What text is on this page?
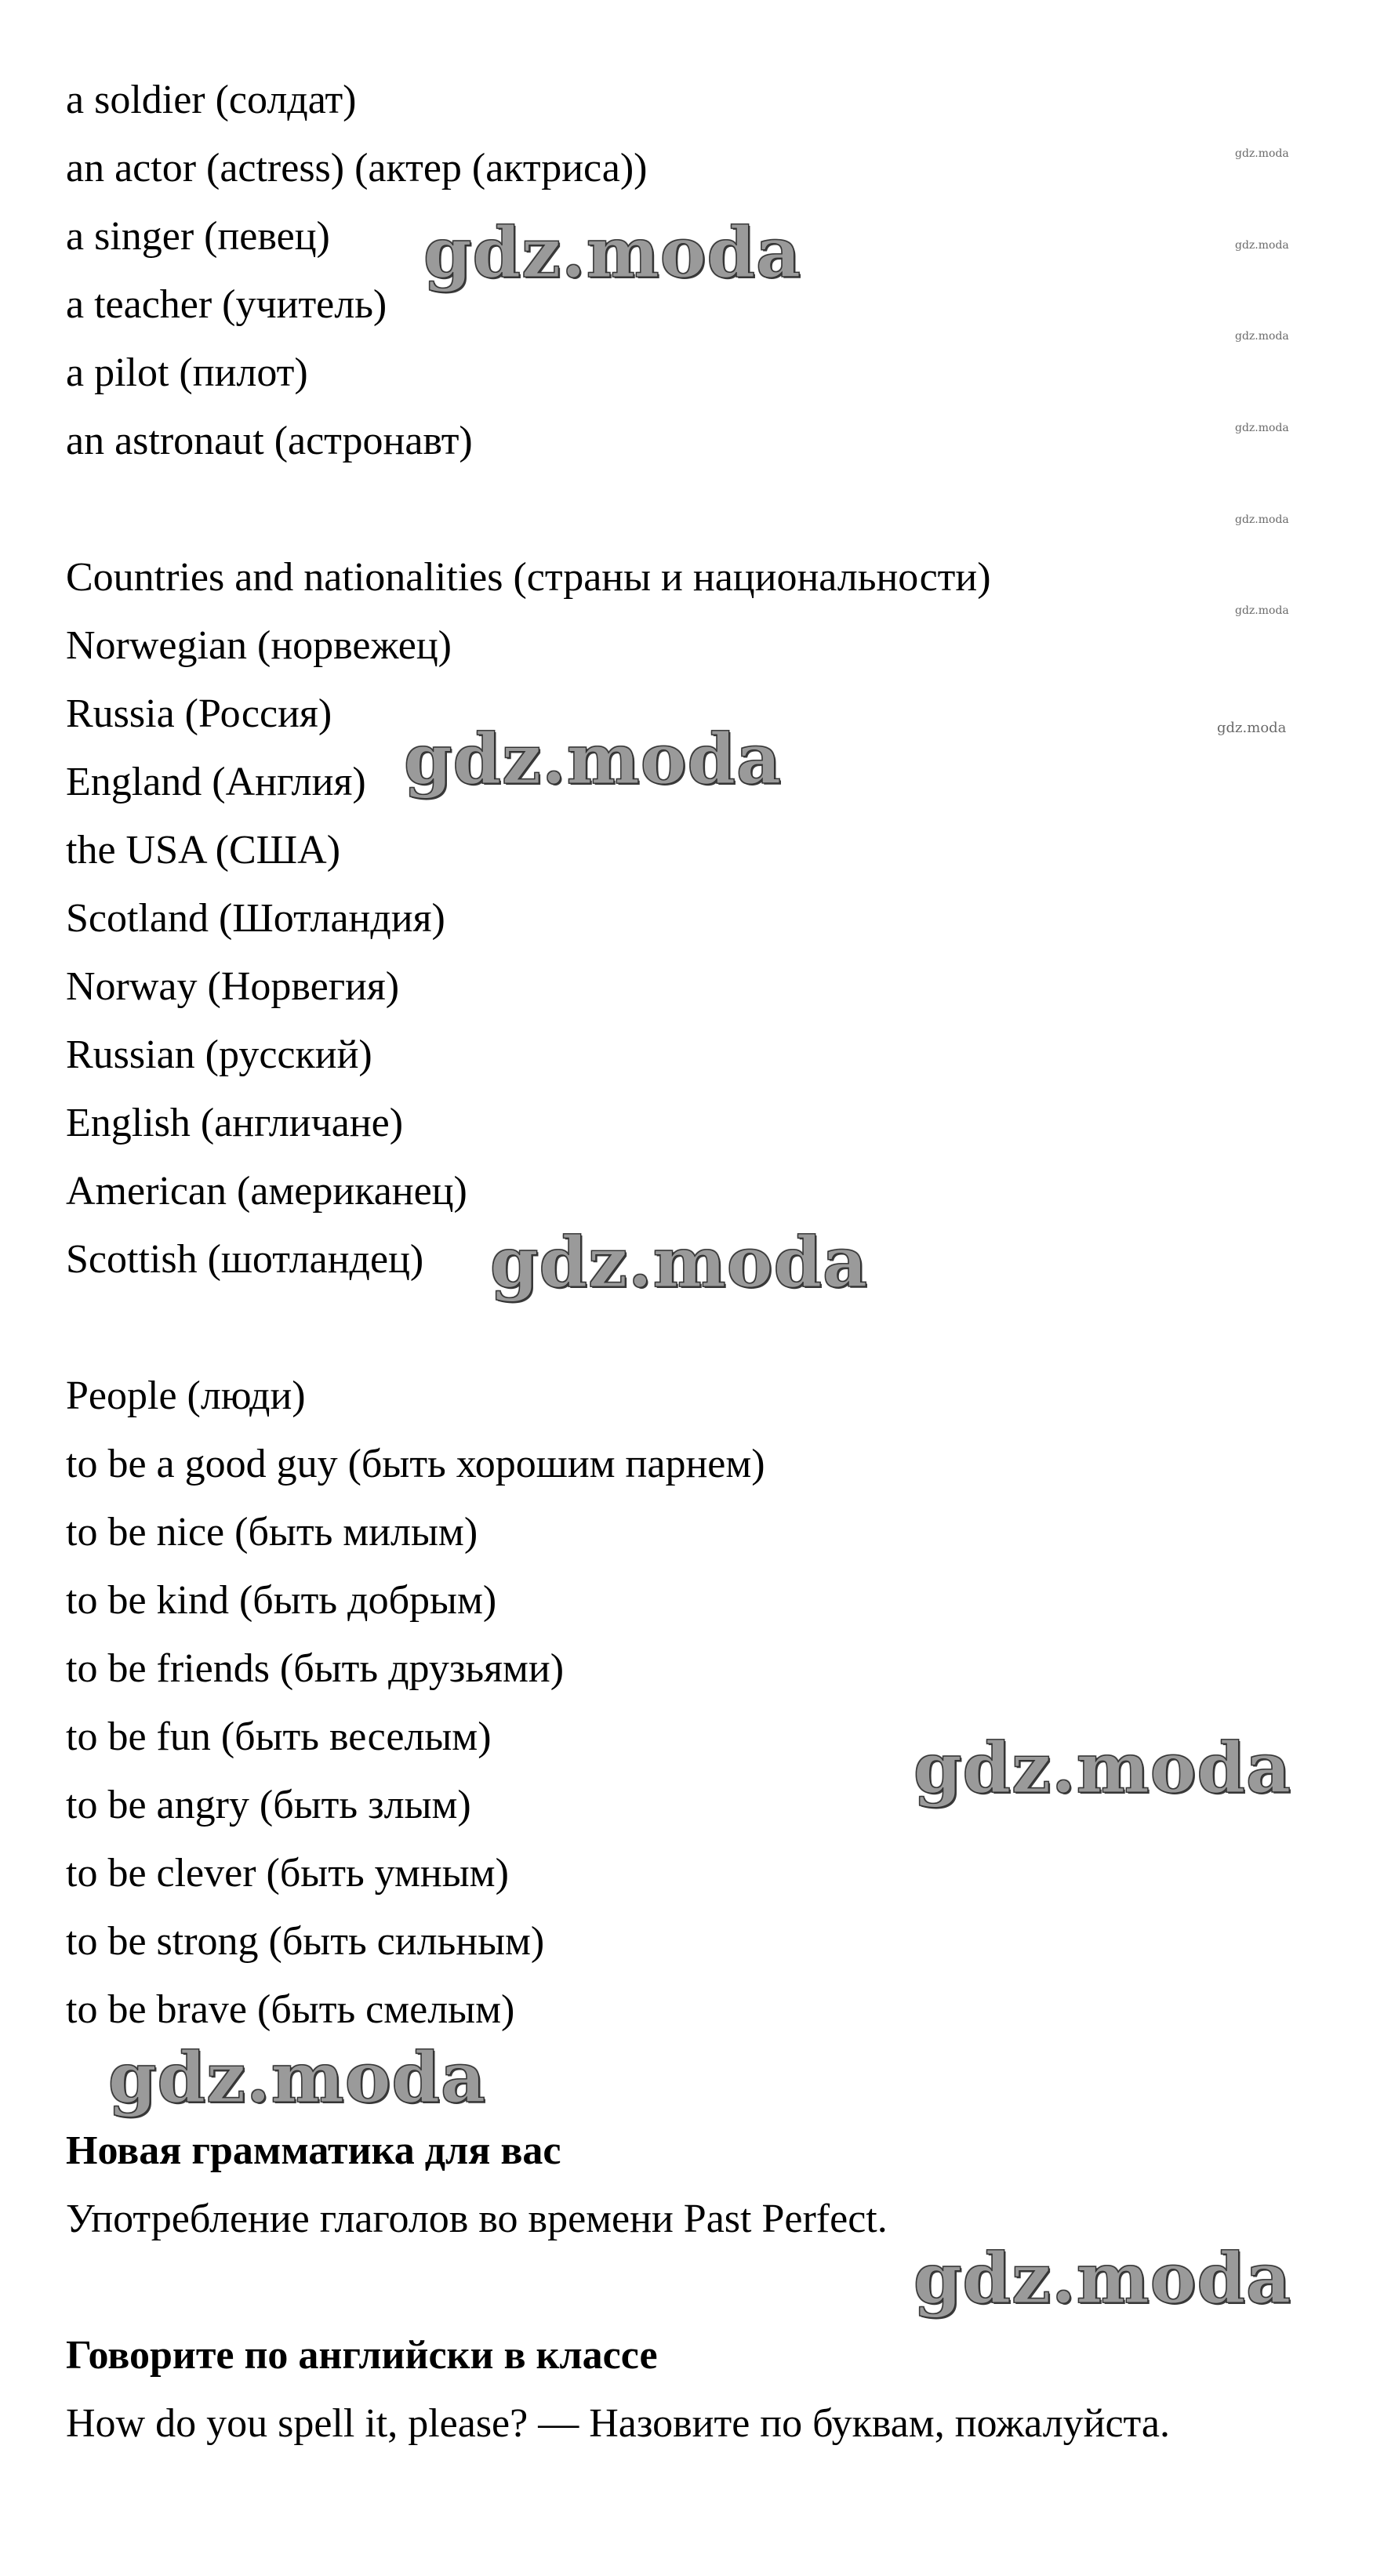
a soldier (солдат)
an actor (actress) (актер (актриса))
a singer (певец)
a teacher (учитель)
a pilot (пилот)
an astronaut (астронавт)
Countries and nationalities (страны и национальности)
Norwegian (норвежец)
Russia (Россия)
England (Англия)
the USA (США)
Scotland (Шотландия)
Norway (Норвегия)
Russian (русский)
English (англичане)
American (американец)
Scottish (шотландец)
People (люди)
to be a good guy (быть хорошим парнем)
to be nice (быть милым)
to be kind (быть добрым)
to be friends (быть друзьями)
to be fun (быть веселым)
to be angry (быть злым)
to be clever (быть умным)
to be strong (быть сильным)
to be brave (быть смелым)
Новая грамматика для вас
Употребление глаголов во времени Past Perfect.
Говорите по английски в классе
How do you spell it, please? — Назовите по буквам, пожалуйста.
gdz.moda
gdz.moda
gdz.moda
gdz.moda
gdz.moda
gdz.moda
gdz.moda
gdz.moda
gdz.moda
gdz.moda
gdz.moda
gdz.moda
gdz.moda
